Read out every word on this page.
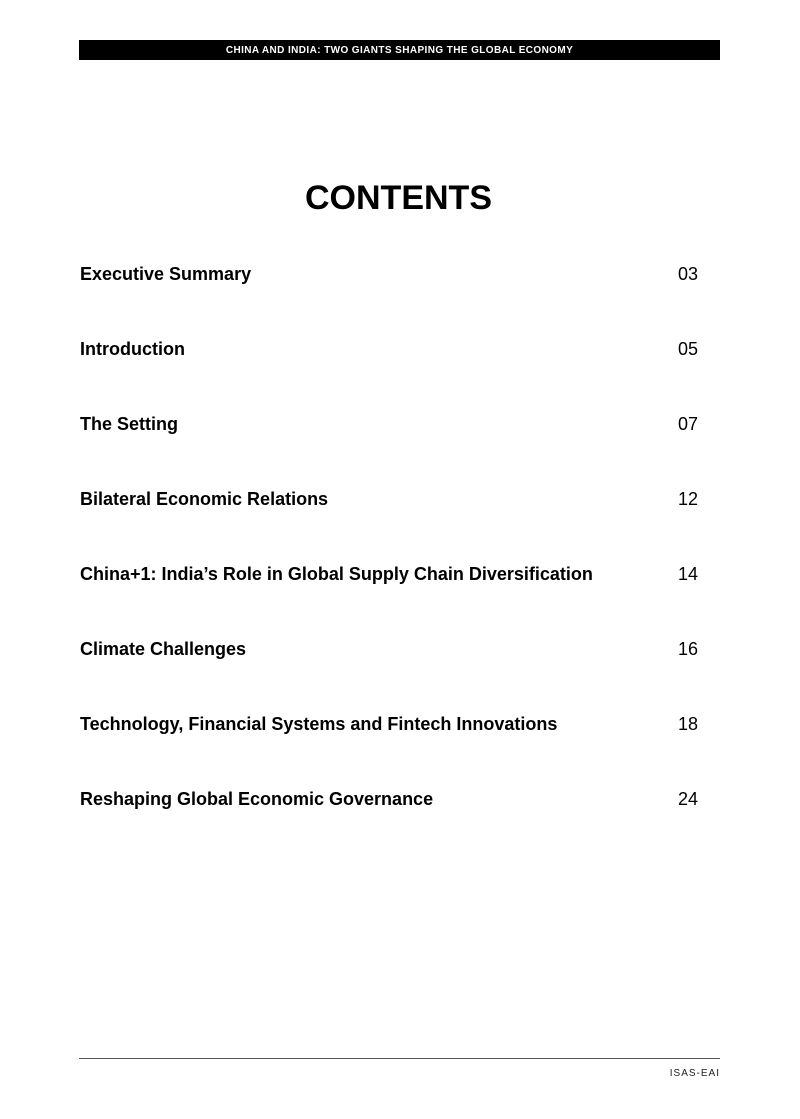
CHINA AND INDIA: TWO GIANTS SHAPING THE GLOBAL ECONOMY
CONTENTS
Executive Summary	03
Introduction	05
The Setting	07
Bilateral Economic Relations	12
China+1: India’s Role in Global Supply Chain Diversification	14
Climate Challenges	16
Technology, Financial Systems and Fintech Innovations	18
Reshaping Global Economic Governance	24
ISAS-EAI
